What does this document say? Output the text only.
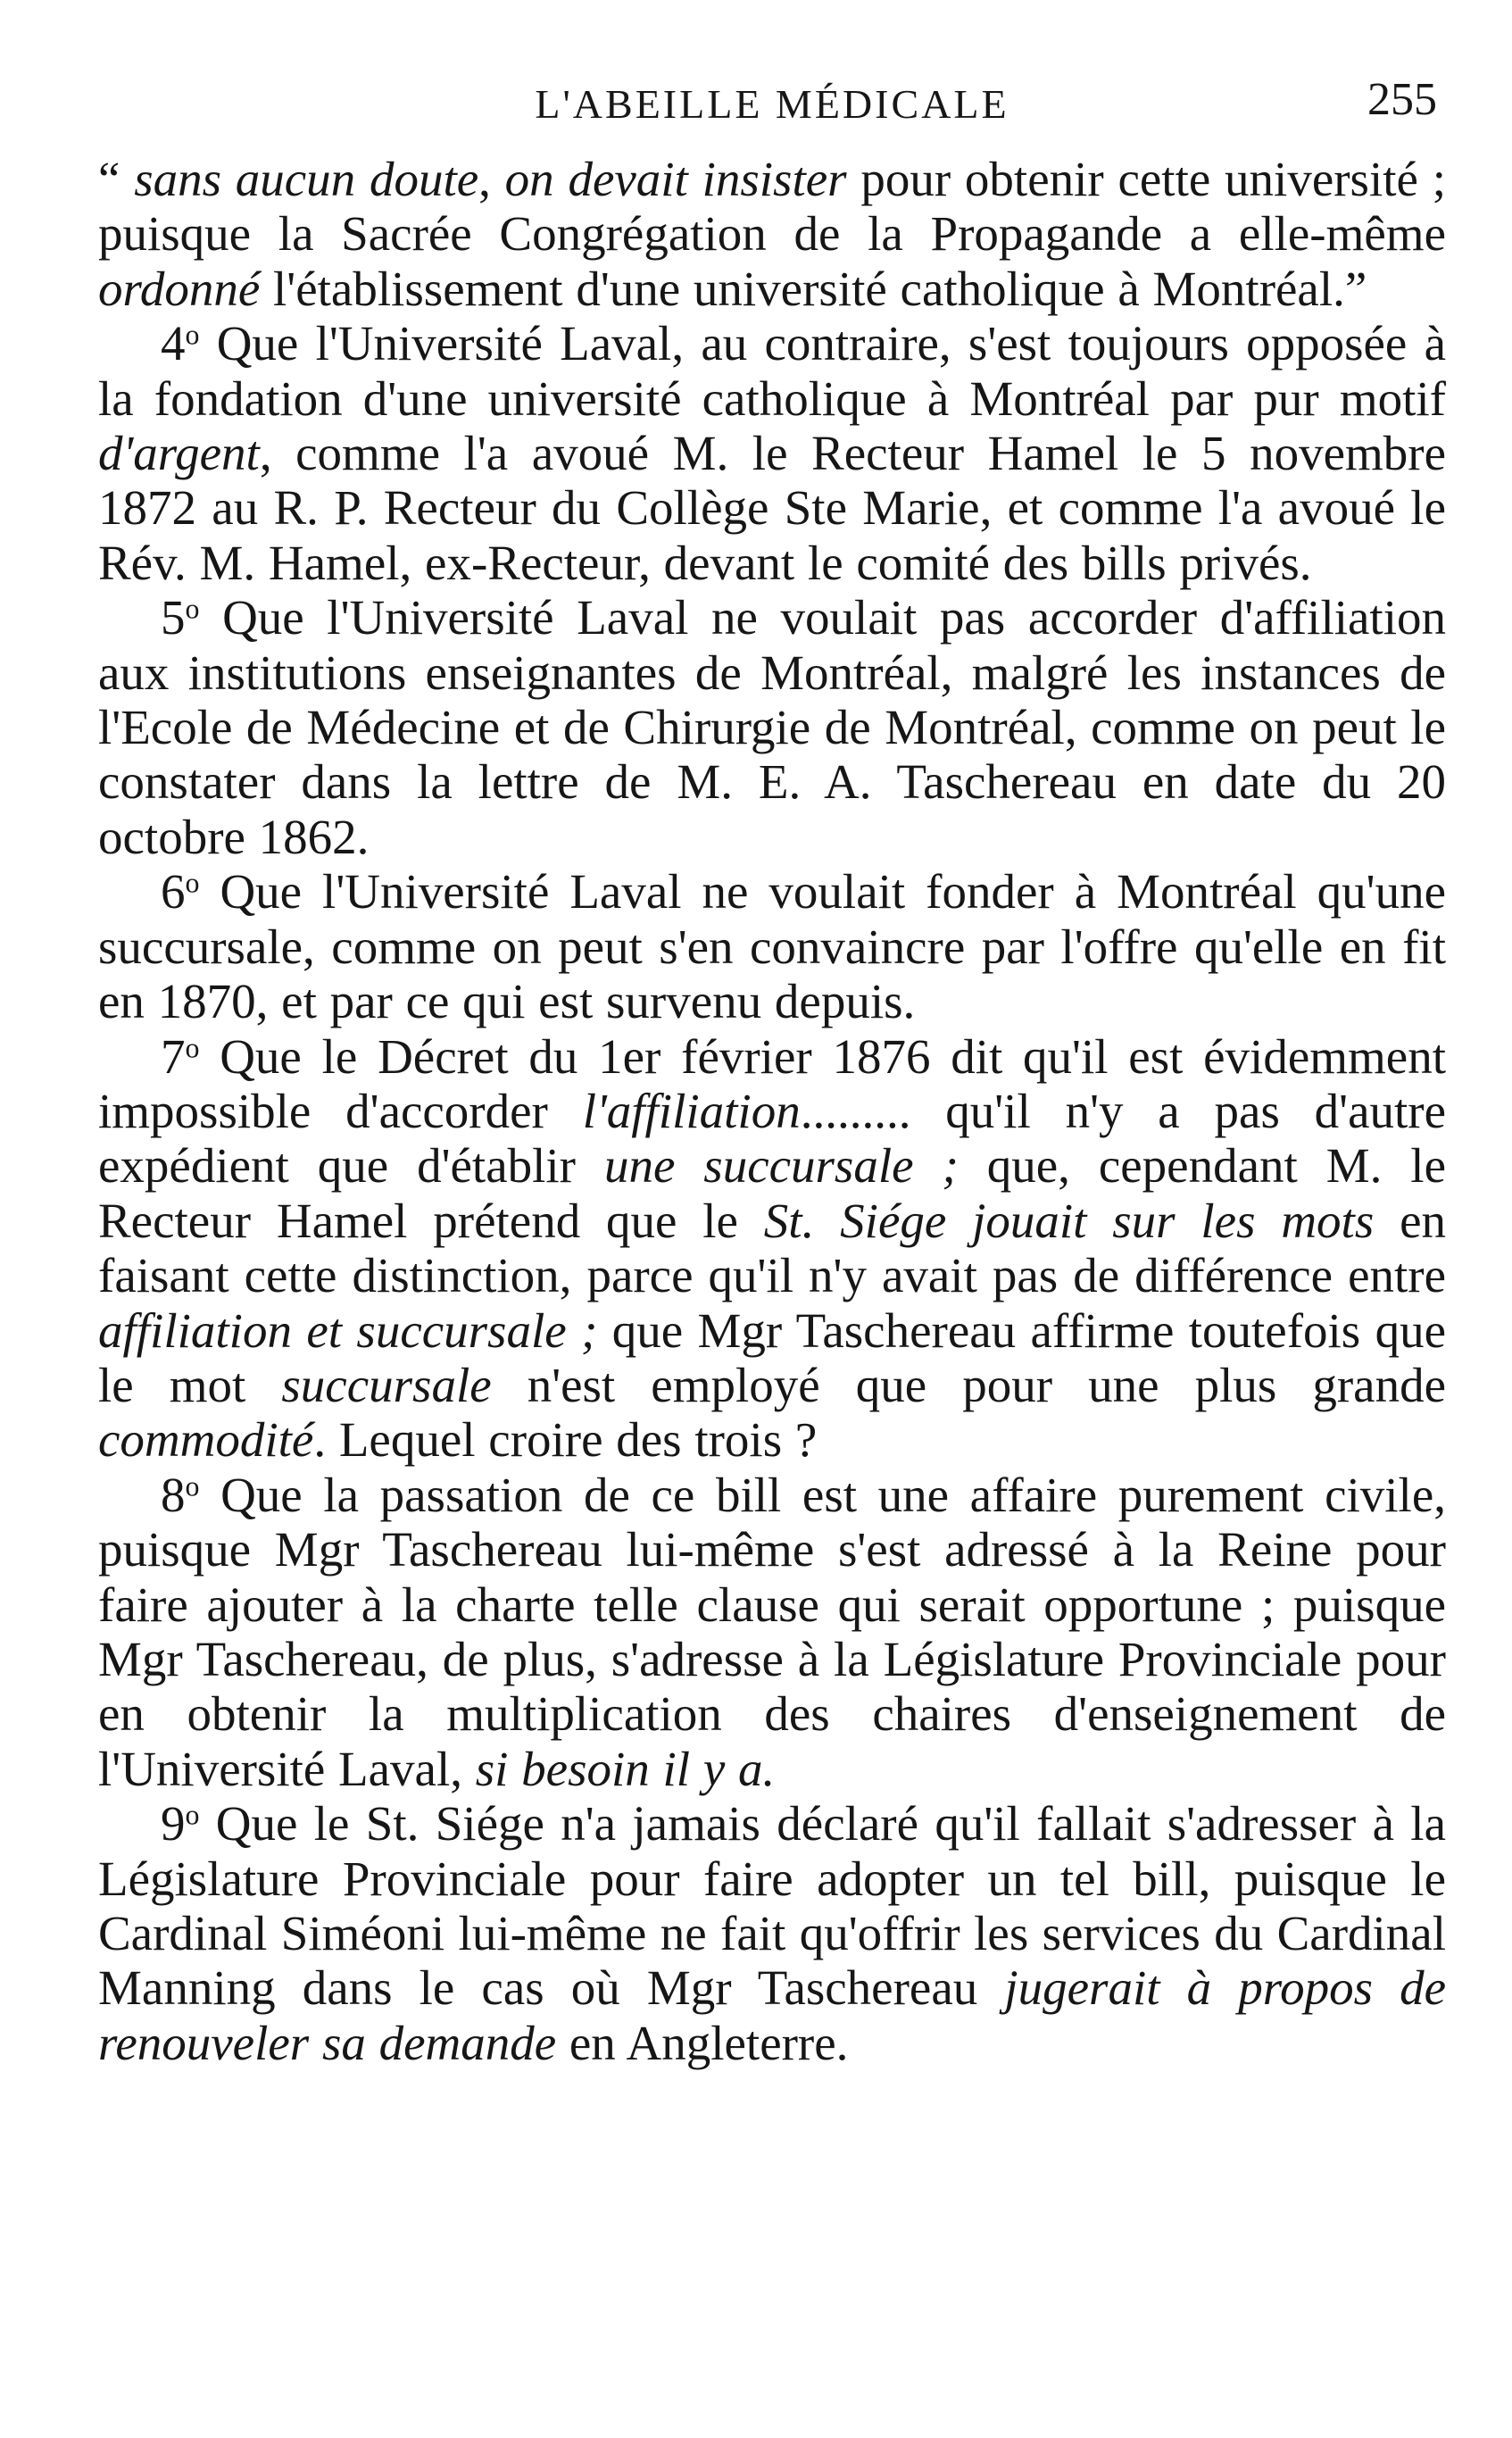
L'ABEILLE MÉDICALE	255

“ sans aucun doute, on devait insister pour obtenir cette université ; puisque la Sacrée Congrégation de la Propagande a elle-même ordonné l'établissement d'une université catholique à Montréal.”

4$^o$ Que l'Université Laval, au contraire, s'est toujours opposée à la fondation d'une université catholique à Montréal par pur motif d'argent, comme l'a avoué M. le Recteur Hamel le 5 novembre 1872 au R. P. Recteur du Collège Ste Marie, et comme l'a avoué le Rév. M. Hamel, ex-Recteur, devant le comité des bills privés.

5$^o$ Que l'Université Laval ne voulait pas accorder d'affiliation aux institutions enseignantes de Montréal, malgré les instances de l'Ecole de Médecine et de Chirurgie de Montréal, comme on peut le constater dans la lettre de M. E. A. Taschereau en date du 20 octobre 1862.

6$^o$ Que l'Université Laval ne voulait fonder à Montréal qu'une succursale, comme on peut s'en convaincre par l'offre qu'elle en fit en 1870, et par ce qui est survenu depuis.

7$^o$ Que le Décret du 1er février 1876 dit qu'il est évidemment impossible d'accorder l'affiliation......... qu'il n'y a pas d'autre expédient que d'établir une succursale ; que, cependant M. le Recteur Hamel prétend que le St. Siége jouait sur les mots en faisant cette distinction, parce qu'il n'y avait pas de différence entre affiliation et succursale ; que Mgr Taschereau affirme toutefois que le mot succursale n'est employé que pour une plus grande commodité. Lequel croire des trois ?

8$^o$ Que la passation de ce bill est une affaire purement civile, puisque Mgr Taschereau lui-même s'est adressé à la Reine pour faire ajouter à la charte telle clause qui serait opportune ; puisque Mgr Taschereau, de plus, s'adresse à la Législature Provinciale pour en obtenir la multiplication des chaires d'enseignement de l'Université Laval, si besoin il y a.

9$^o$ Que le St. Siége n'a jamais déclaré qu'il fallait s'adresser à la Législature Provinciale pour faire adopter un tel bill, puisque le Cardinal Siméoni lui-même ne fait qu'offrir les services du Cardinal Manning dans le cas où Mgr Taschereau jugerait à propos de renouveler sa demande en Angleterre.
